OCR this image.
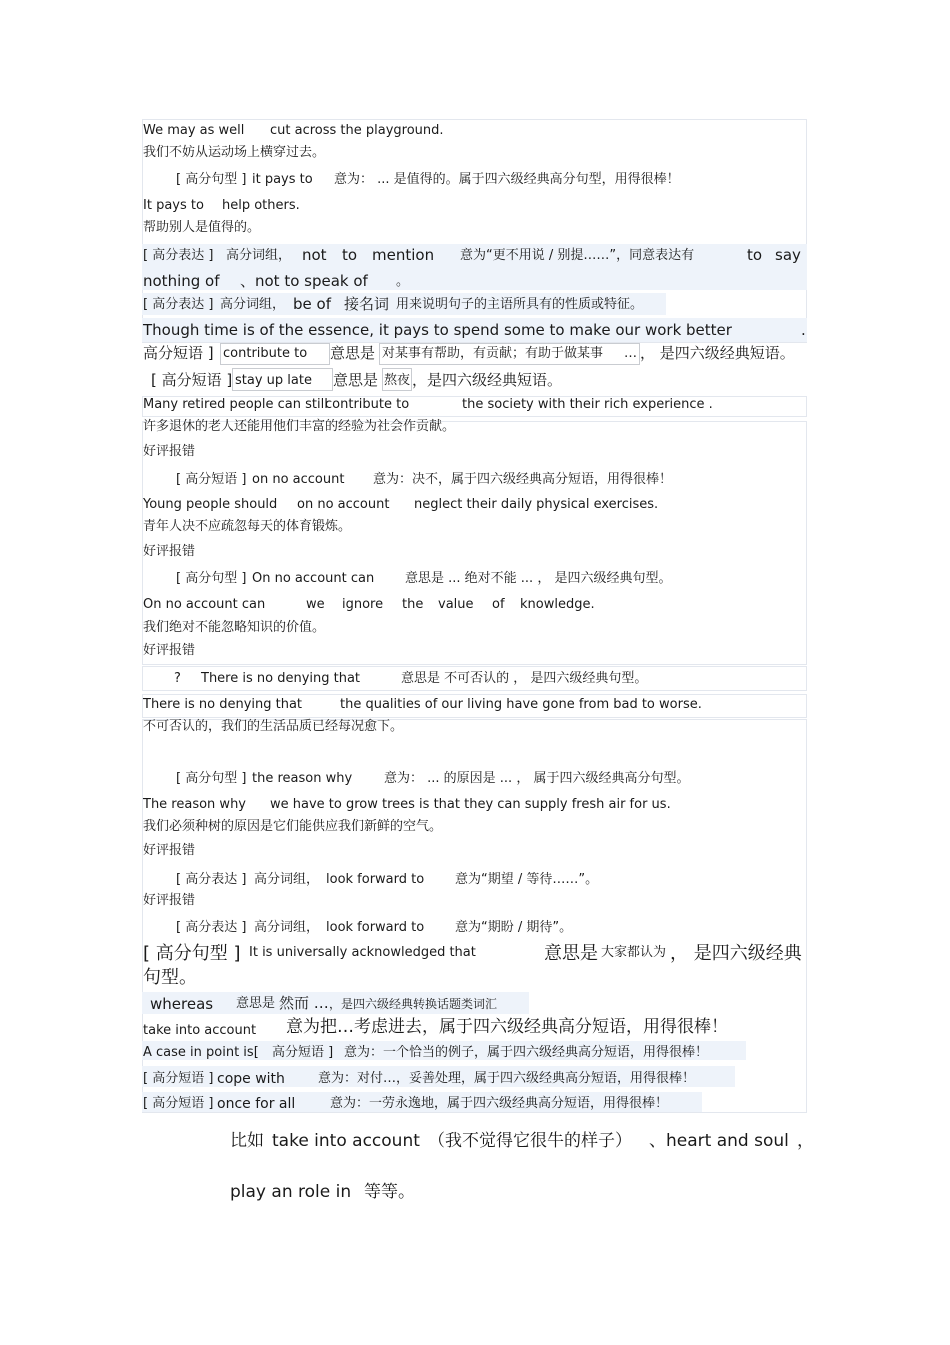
We may as well cut across the playground.
我们不妨从运动场上横穿过去。
[ 高分句型 ] it pays to 意为： ... 是值得的。属于四六级经典高分句型，用得很棒！
It pays to help others.
帮助别人是值得的。
[ 高分表达 ] 高分词组， not to mention 意为“更不用说 / 别提……”，同意表达有	to say
nothing of 、not to speak of 。
[ 高分表达 ] 高分词组， be of 接名词 用来说明句子的主语所具有的性质或特征。
Though time is of the essence, it pays to spend some to make our work better	.
高分短语 ] contribute to 意思是 对某事有帮助，有贡献；有助于做某事 … ， 是四六级经典短语。
[ 高分短语 ] stay up late 意思是 熬夜 ，是四六级经典短语。
Many retired people can still
contribute to	the society with their rich experience .
许多退休的老人还能用他们丰富的经验为社会作贡献。
好评报错
[ 高分短语 ] on no account 意为：决不，属于四六级经典高分短语，用得很棒！
Young people should on no account neglect their daily physical exercises.
青年人决不应疏忽每天的体育锻炼。
好评报错
[ 高分句型 ] On no account can 意思是 ... 绝对不能 ... ， 是四六级经典句型。
On no account can	we ignore the value of knowledge.
我们绝对不能忽略知识的价值。
好评报错
? There is no denying that	意思是 不可否认的 ， 是四六级经典句型。
There is no denying that	the qualities of our living have gone from bad to worse.
不可否认的，我们的生活品质已经每况愈下。
[ 高分句型 ] the reason why 意为： ... 的原因是 ... ， 属于四六级经典高分句型。
The reason why we have to grow trees is that they can supply fresh air for us.
我们必须种树的原因是它们能供应我们新鲜的空气。
好评报错
[ 高分表达 ] 高分词组， look forward to 意为“期望 / 等待……”。
好评报错
[ 高分表达 ] 高分词组， look forward to 意为“期盼 / 期待”。
[ 高分句型 ] It is universally acknowledged that	意思是 大家都认为 ， 是四六级经典
句型。
whereas 意思是 然而 … ，是四六级经典转换话题类词汇
take into account 意为把…考虑进去，属于四六级经典高分短语，用得很棒！
A case in point is[ 高分短语 ] 意为：一个恰当的例子，属于四六级经典高分短语，用得很棒！
[ 高分短语 ] cope with	意为：对付…，妥善处理，属于四六级经典高分短语，用得很棒！
[ 高分短语 ] once for all	意为：一劳永逸地，属于四六级经典高分短语，用得很棒！
比如 take into account （我不觉得它很牛的样子） 、heart and soul ，
play an role in 等等。
